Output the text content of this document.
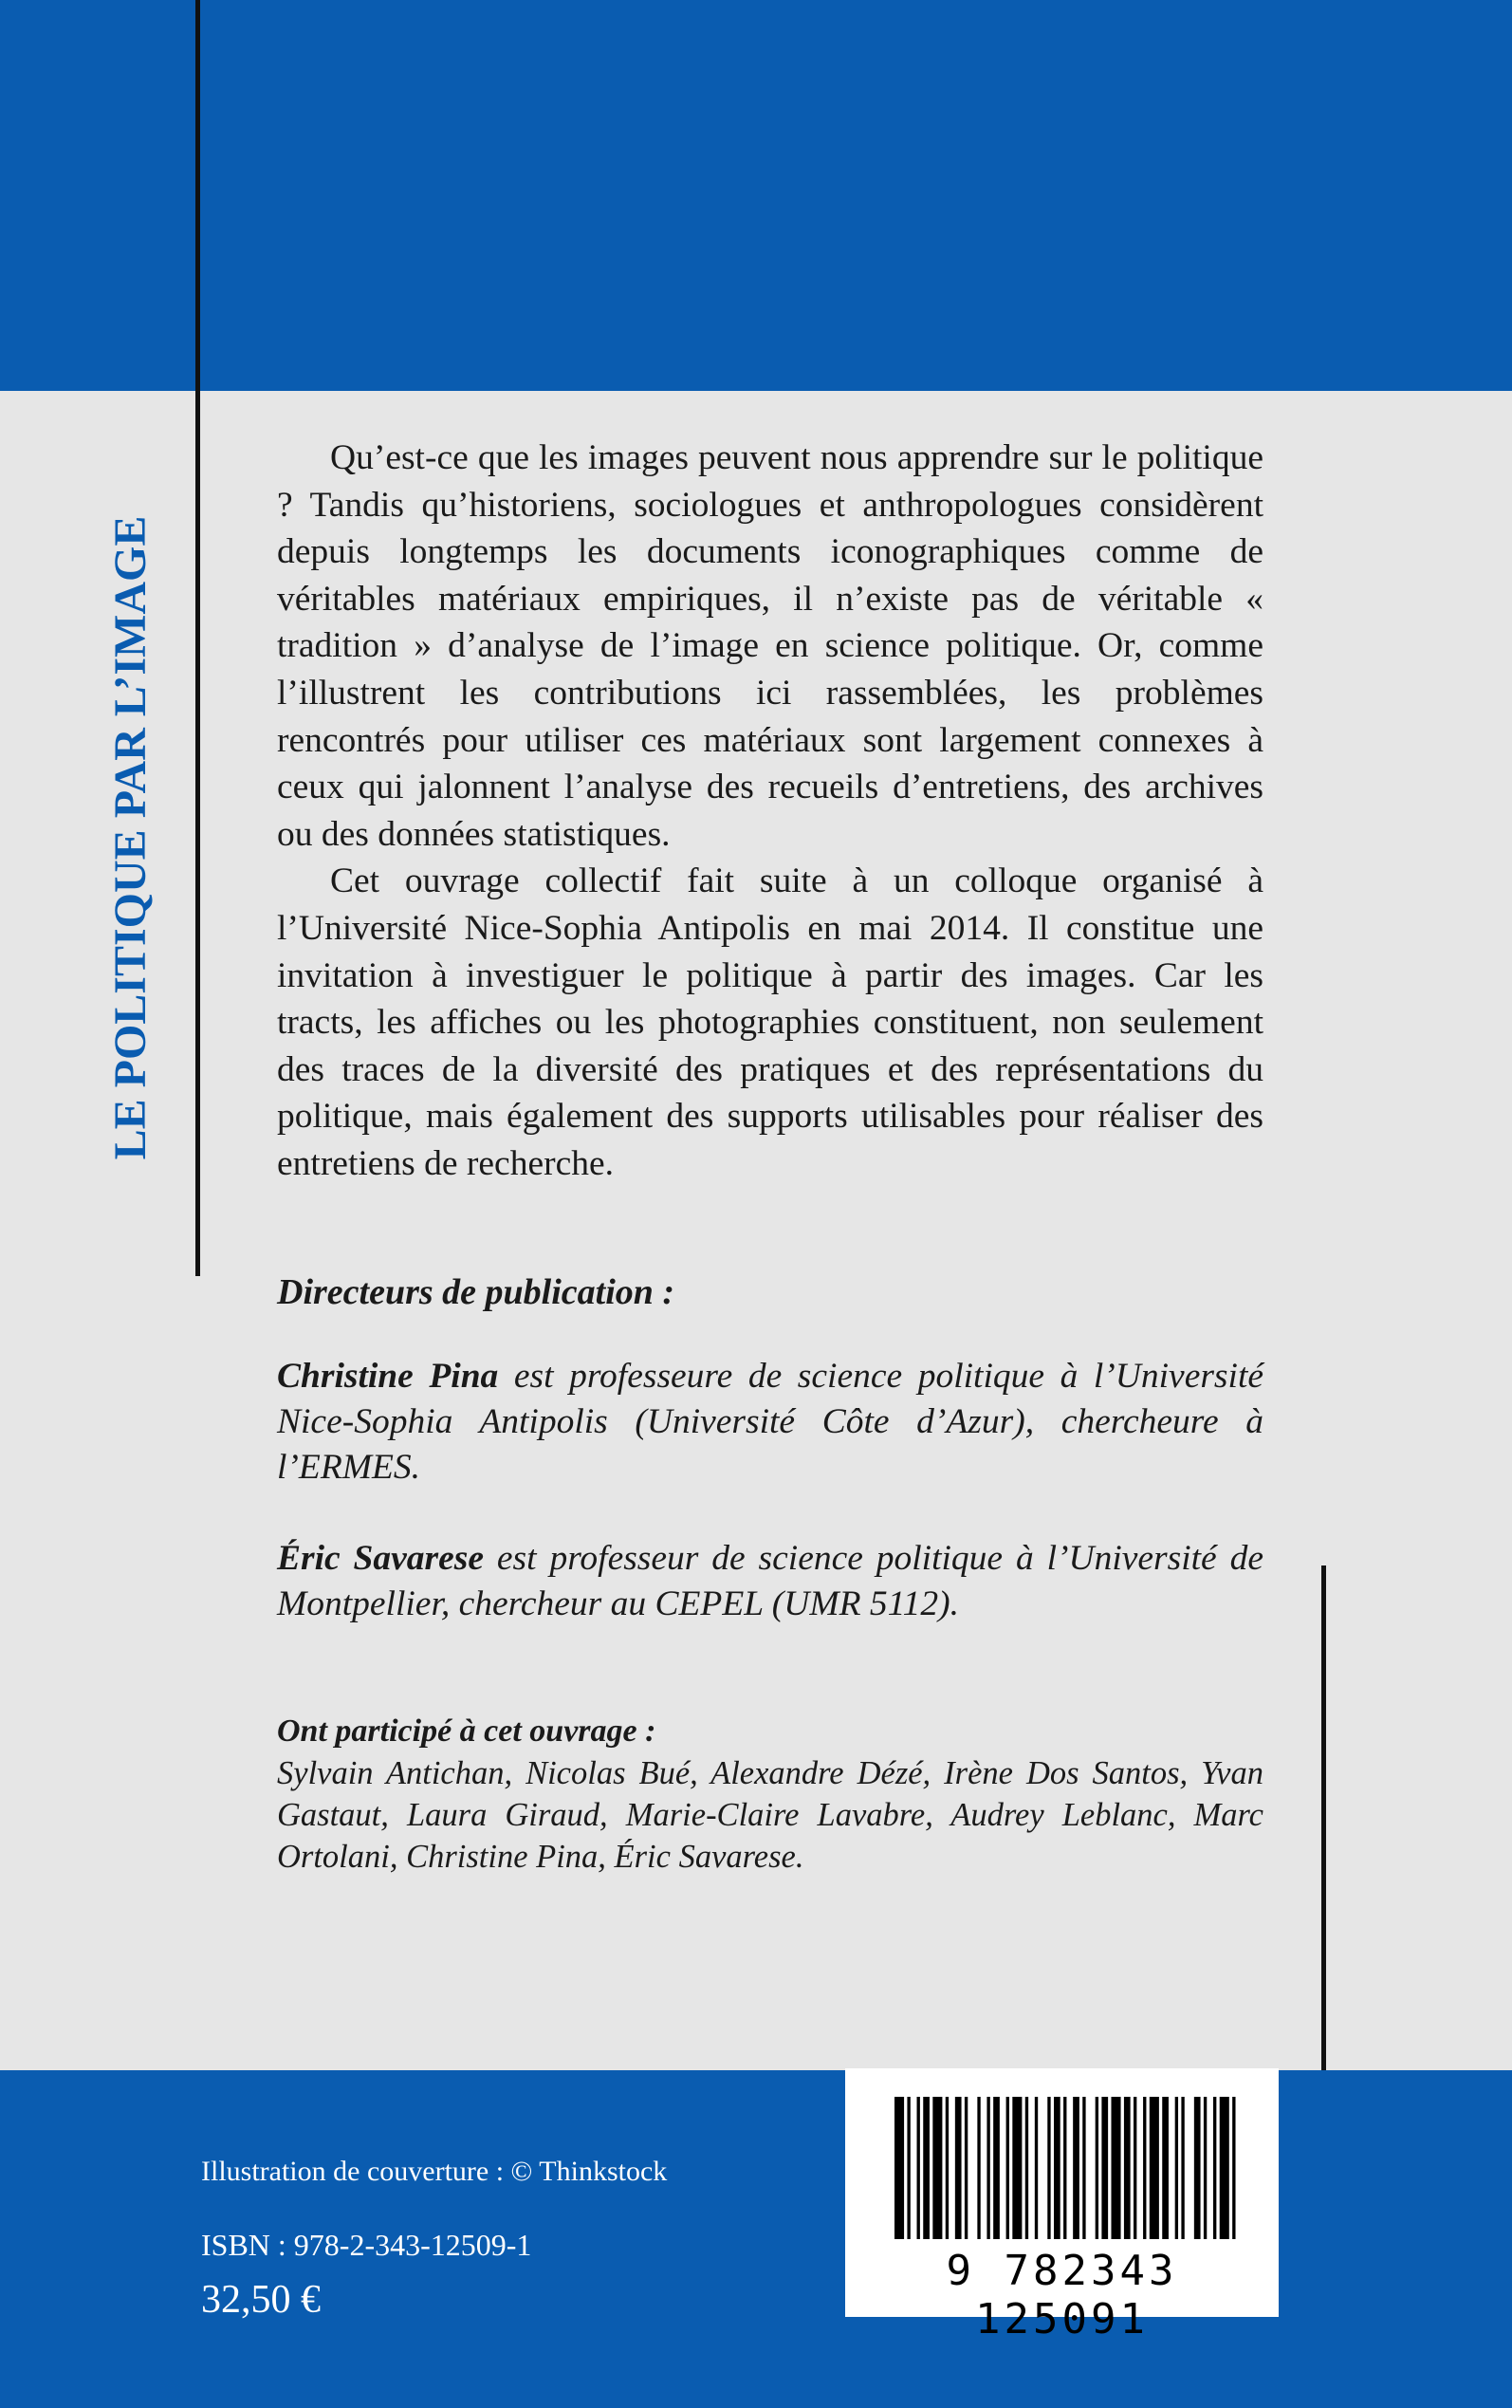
LE POLITIQUE PAR L’IMAGE

Qu’est-ce que les images peuvent nous apprendre sur le politique ? Tandis qu’historiens, sociologues et anthropologues considèrent depuis longtemps les documents iconographiques comme de véritables matériaux empiriques, il n’existe pas de véritable « tradition » d’analyse de l’image en science politique. Or, comme l’illustrent les contributions ici rassemblées, les problèmes rencontrés pour utiliser ces matériaux sont largement connexes à ceux qui jalonnent l’analyse des recueils d’entretiens, des archives ou des données statistiques.

Cet ouvrage collectif fait suite à un colloque organisé à l’Université Nice-Sophia Antipolis en mai 2014. Il constitue une invitation à investiguer le politique à partir des images. Car les tracts, les affiches ou les photographies constituent, non seulement des traces de la diversité des pratiques et des représentations du politique, mais également des supports utilisables pour réaliser des entretiens de recherche.

Directeurs de publication :

Christine Pina est professeure de science politique à l’Université Nice-Sophia Antipolis (Université Côte d’Azur), chercheure à l’ERMES.

Éric Savarese est professeur de science politique à l’Université de Montpellier, chercheur au CEPEL (UMR 5112).

Ont participé à cet ouvrage :

Sylvain Antichan, Nicolas Bué, Alexandre Dézé, Irène Dos Santos, Yvan Gastaut, Laura Giraud, Marie-Claire Lavabre, Audrey Leblanc, Marc Ortolani, Christine Pina, Éric Savarese.

Illustration de couverture : © Thinkstock
ISBN : 978-2-343-12509-1
32,50 €
9 782343 125091
